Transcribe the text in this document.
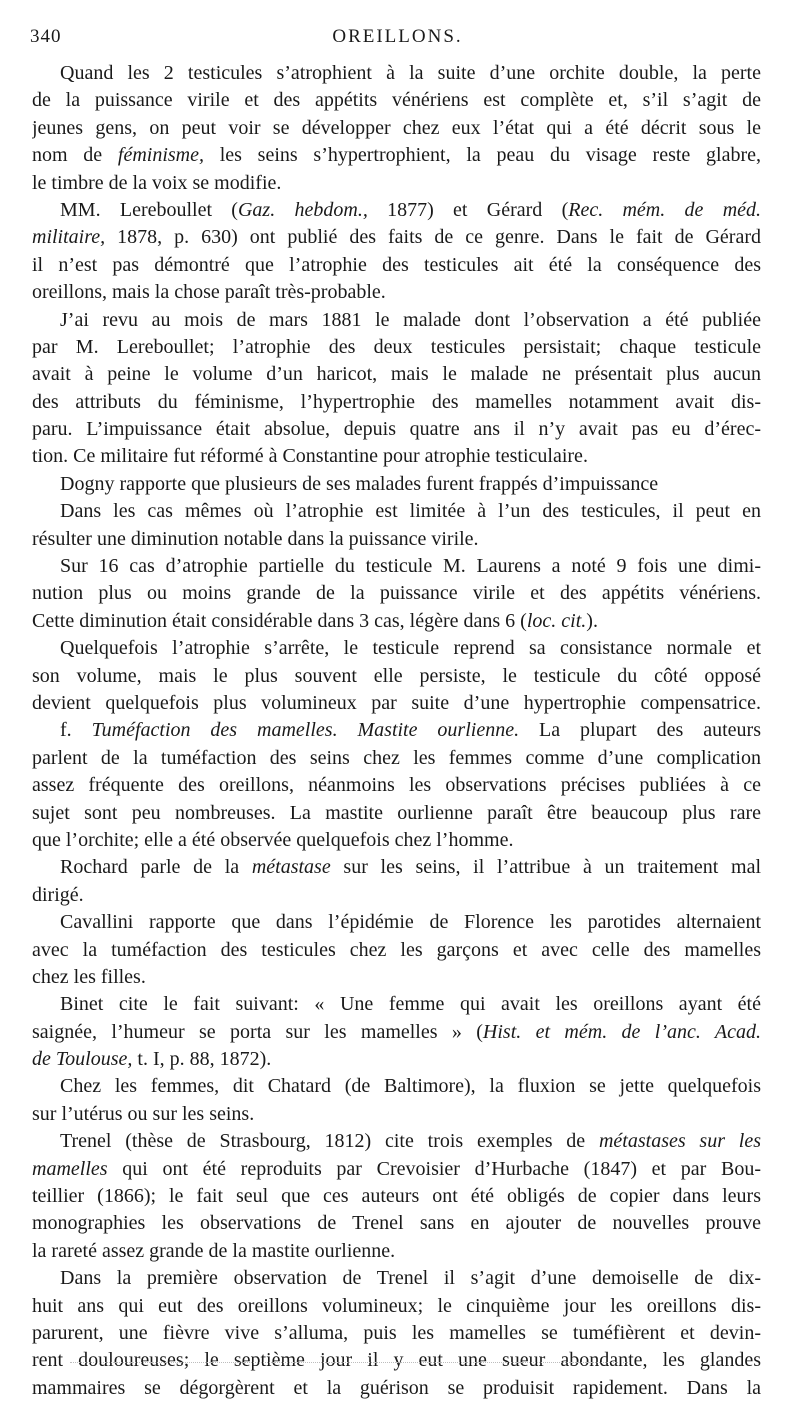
340	OREILLONS.
Quand les 2 testicules s’atrophient à la suite d’une orchite double, la perte
de la puissance virile et des appétits vénériens est complète et, s’il s’agit de
jeunes gens, on peut voir se développer chez eux l’état qui a été décrit sous le
nom de féminisme, les seins s’hypertrophient, la peau du visage reste glabre,
le timbre de la voix se modifie.
MM. Lereboullet (Gaz. hebdom., 1877) et Gérard (Rec. mém. de méd.
militaire, 1878, p. 630) ont publié des faits de ce genre. Dans le fait de Gérard
il n’est pas démontré que l’atrophie des testicules ait été la conséquence des
oreillons, mais la chose paraît très-probable.
J’ai revu au mois de mars 1881 le malade dont l’observation a été publiée
par M. Lereboullet; l’atrophie des deux testicules persistait; chaque testicule
avait à peine le volume d’un haricot, mais le malade ne présentait plus aucun
des attributs du féminisme, l’hypertrophie des mamelles notamment avait dis-
paru. L’impuissance était absolue, depuis quatre ans il n’y avait pas eu d’érec-
tion. Ce militaire fut réformé à Constantine pour atrophie testiculaire.
Dogny rapporte que plusieurs de ses malades furent frappés d’impuissance
Dans les cas mêmes où l’atrophie est limitée à l’un des testicules, il peut en
résulter une diminution notable dans la puissance virile.
Sur 16 cas d’atrophie partielle du testicule M. Laurens a noté 9 fois une dimi-
nution plus ou moins grande de la puissance virile et des appétits vénériens.
Cette diminution était considérable dans 3 cas, légère dans 6 (loc. cit.).
Quelquefois l’atrophie s’arrête, le testicule reprend sa consistance normale et
son volume, mais le plus souvent elle persiste, le testicule du côté opposé
devient quelquefois plus volumineux par suite d’une hypertrophie compensatrice.
f. Tuméfaction des mamelles. Mastite ourlienne. La plupart des auteurs
parlent de la tuméfaction des seins chez les femmes comme d’une complication
assez fréquente des oreillons, néanmoins les observations précises publiées à ce
sujet sont peu nombreuses. La mastite ourlienne paraît être beaucoup plus rare
que l’orchite; elle a été observée quelquefois chez l’homme.
Rochard parle de la métastase sur les seins, il l’attribue à un traitement mal
dirigé.
Cavallini rapporte que dans l’épidémie de Florence les parotides alternaient
avec la tuméfaction des testicules chez les garçons et avec celle des mamelles
chez les filles.
Binet cite le fait suivant: « Une femme qui avait les oreillons ayant été
saignée, l’humeur se porta sur les mamelles » (Hist. et mém. de l’anc. Acad.
de Toulouse, t. I, p. 88, 1872).
Chez les femmes, dit Chatard (de Baltimore), la fluxion se jette quelquefois
sur l’utérus ou sur les seins.
Trenel (thèse de Strasbourg, 1812) cite trois exemples de métastases sur les
mamelles qui ont été reproduits par Crevoisier d’Hurbache (1847) et par Bou-
teillier (1866); le fait seul que ces auteurs ont été obligés de copier dans leurs
monographies les observations de Trenel sans en ajouter de nouvelles prouve
la rareté assez grande de la mastite ourlienne.
Dans la première observation de Trenel il s’agit d’une demoiselle de dix-
huit ans qui eut des oreillons volumineux; le cinquième jour les oreillons dis-
parurent, une fièvre vive s’alluma, puis les mamelles se tuméfièrent et devin-
rent douloureuses; le septième jour il y eut une sueur abondante, les glandes
mammaires se dégorgèrent et la guérison se produisit rapidement. Dans la
